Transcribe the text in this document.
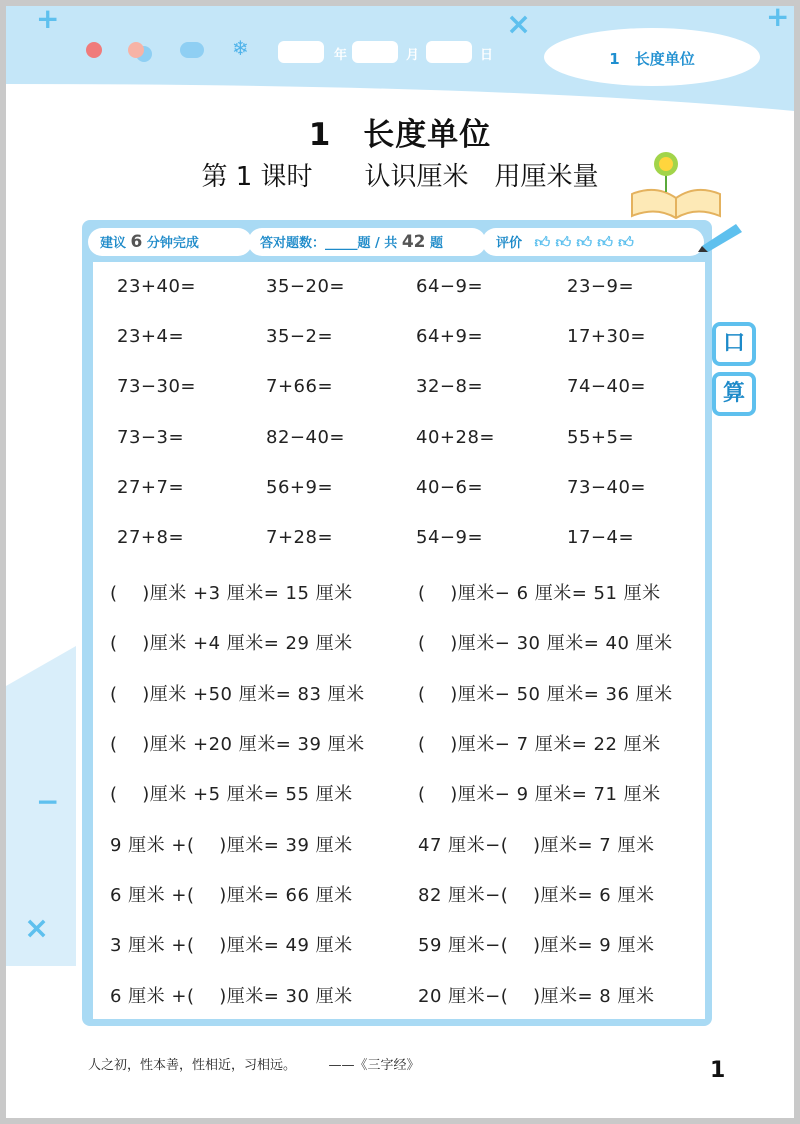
+	×	+
❄	年	月	日	1　长度单位
1　长度单位
第 1 课时　　认识厘米　用厘米量
建议 6 分钟完成	答对题数：_____题 / 共 42 题	评价 👍︎ 👍︎ 👍︎ 👍︎ 👍︎
口
算
23+40=	35−20=	64−9=	23−9=
23+4=	35−2=	64+9=	17+30=
73−30=	7+66=	32−8=	74−40=
73−3=	82−40=	40+28=	55+5=
27+7=	56+9=	40−6=	73−40=
27+8=	7+28=	54−9=	17−4=
(　 )厘米 +3 厘米= 15 厘米	(　 )厘米− 6 厘米= 51 厘米
(　 )厘米 +4 厘米= 29 厘米	(　 )厘米− 30 厘米= 40 厘米
(　 )厘米 +50 厘米= 83 厘米	(　 )厘米− 50 厘米= 36 厘米
(　 )厘米 +20 厘米= 39 厘米	(　 )厘米− 7 厘米= 22 厘米
(　 )厘米 +5 厘米= 55 厘米	(　 )厘米− 9 厘米= 71 厘米
9 厘米 +(　 )厘米= 39 厘米	47 厘米−(　 )厘米= 7 厘米
6 厘米 +(　 )厘米= 66 厘米	82 厘米−(　 )厘米= 6 厘米
3 厘米 +(　 )厘米= 49 厘米	59 厘米−(　 )厘米= 9 厘米
6 厘米 +(　 )厘米= 30 厘米	20 厘米−(　 )厘米= 8 厘米
−
×
人之初，性本善，性相近，习相远。　　　——《三字经》	1
